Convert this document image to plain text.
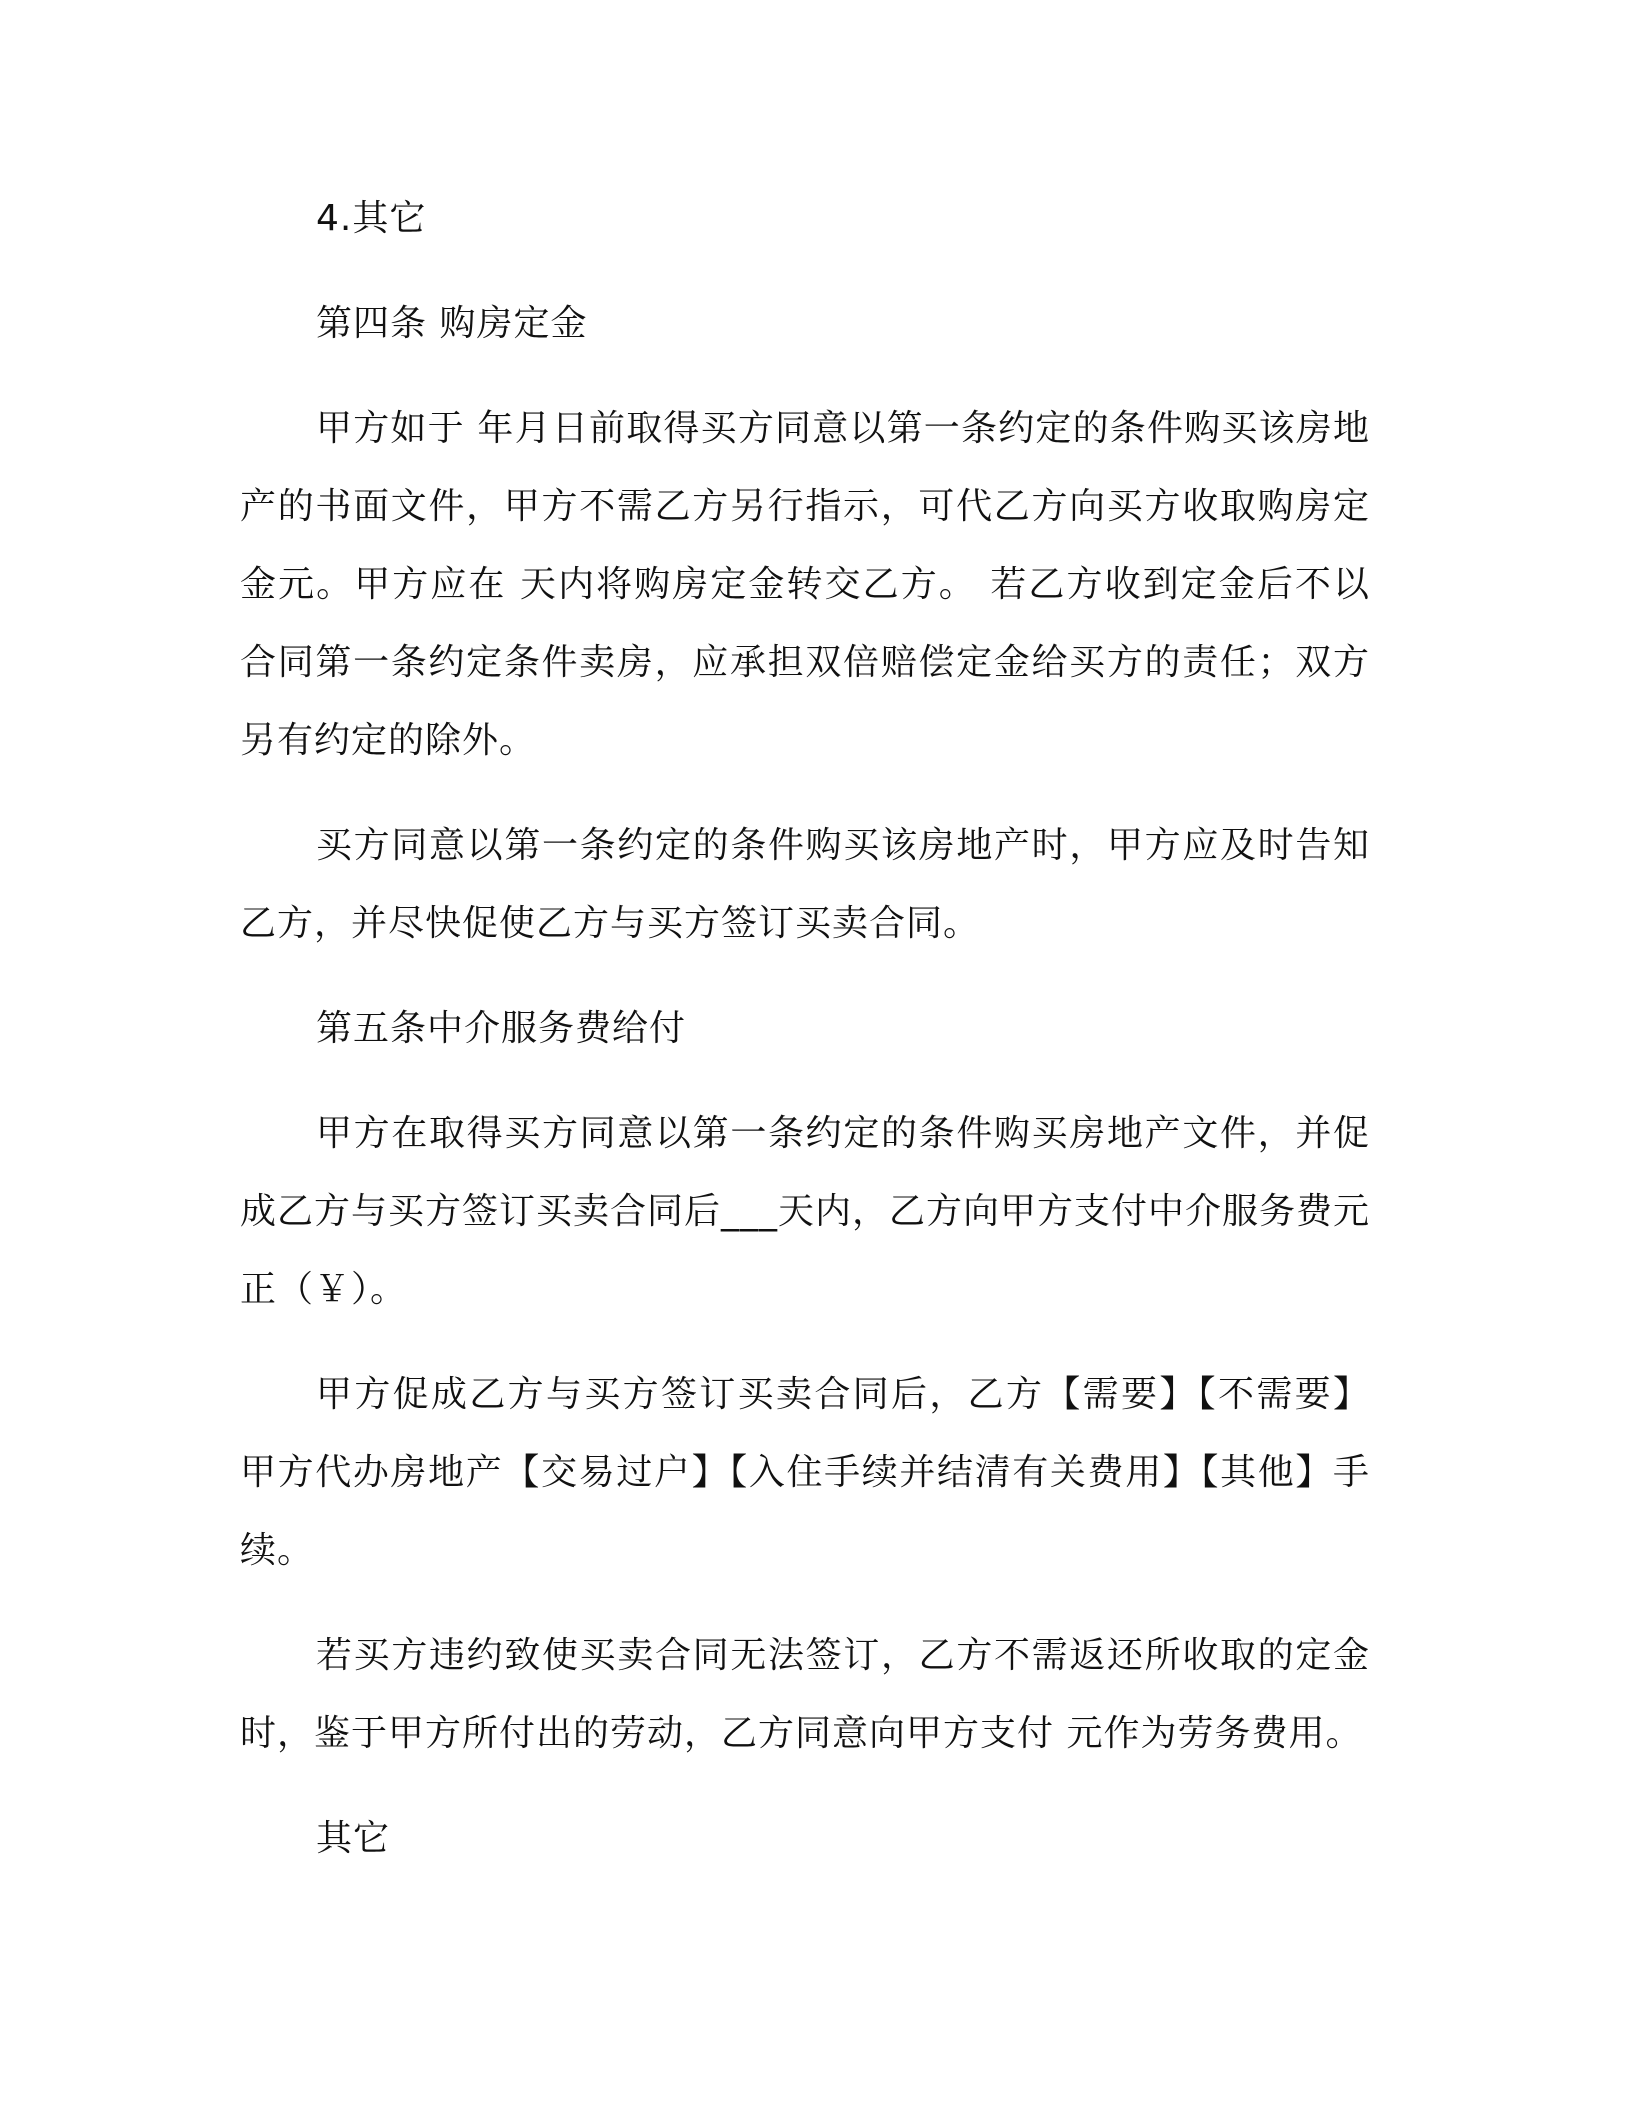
4.其它

第四条 购房定金

甲方如于 年月日前取得买方同意以第一条约定的条件购买该房地产的书面文件，甲方不需乙方另行指示，可代乙方向买方收取购房定金元。甲方应在 天内将购房定金转交乙方。 若乙方收到定金后不以合同第一条约定条件卖房，应承担双倍赔偿定金给买方的责任；双方另有约定的除外。

买方同意以第一条约定的条件购买该房地产时，甲方应及时告知乙方，并尽快促使乙方与买方签订买卖合同。

第五条中介服务费给付

甲方在取得买方同意以第一条约定的条件购买房地产文件，并促成乙方与买方签订买卖合同后___天内，乙方向甲方支付中介服务费元正（￥）。

甲方促成乙方与买方签订买卖合同后，乙方【需要】【不需要】甲方代办房地产【交易过户】【入住手续并结清有关费用】【其他】手续。

若买方违约致使买卖合同无法签订，乙方不需返还所收取的定金时，鉴于甲方所付出的劳动，乙方同意向甲方支付 元作为劳务费用。

其它
